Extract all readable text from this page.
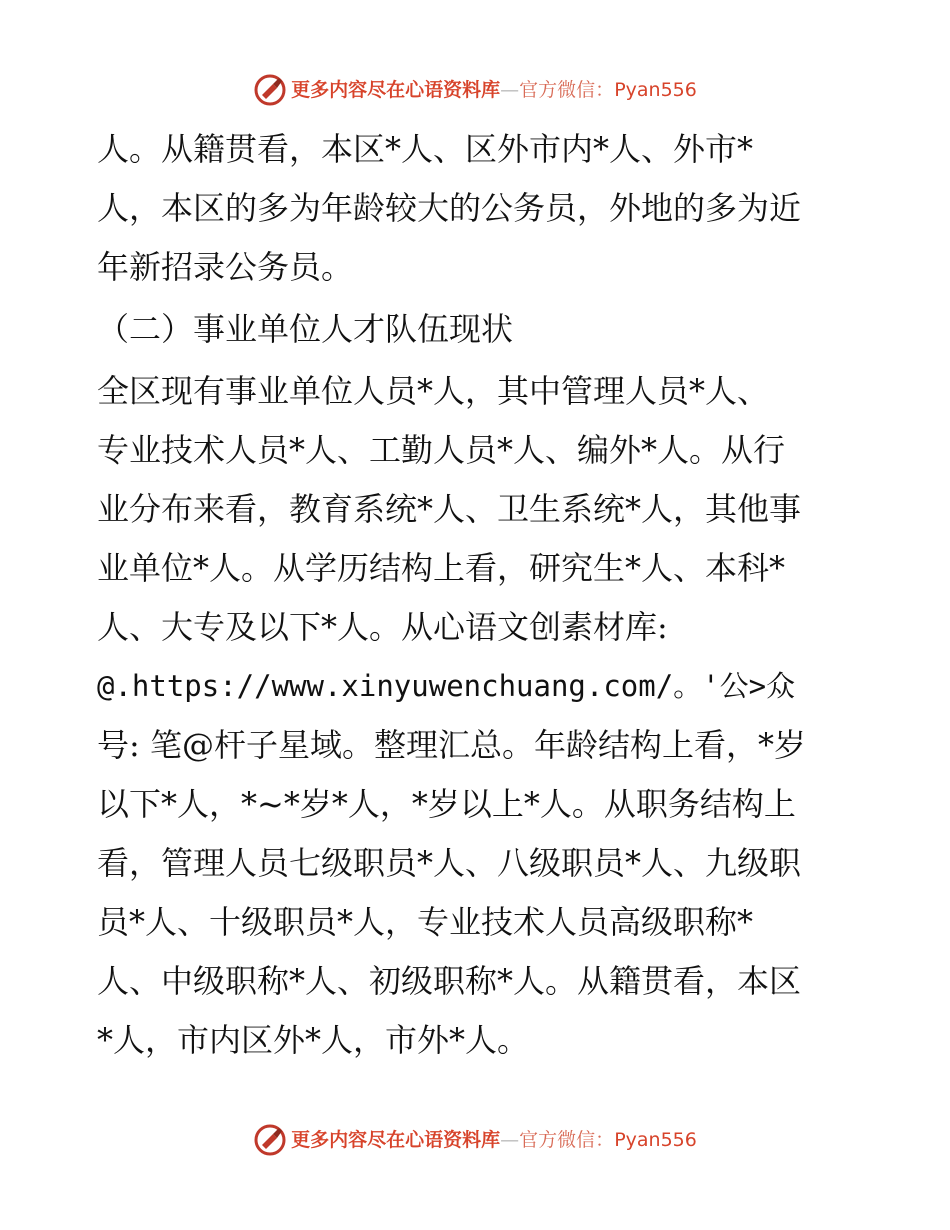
更多内容尽在心语资料库 — 官方微信： Pyan556
人。从籍贯看，本区*人、区外市内*人、外市*
人，本区的多为年龄较大的公务员，外地的多为近
年新招录公务员。
（二）事业单位人才队伍现状
全区现有事业单位人员*人，其中管理人员*人、
专业技术人员*人、工勤人员*人、编外*人。从行
业分布来看，教育系统*人、卫生系统*人，其他事
业单位*人。从学历结构上看，研究生*人、本科*
人、大专及以下*人。从心语文创素材库:
@.https://www.xinyuwenchuang.com/。'公>众
号: 笔@杆子星域。整理汇总。年龄结构上看，*岁
以下*人，*~*岁*人，*岁以上*人。从职务结构上
看，管理人员七级职员*人、八级职员*人、九级职
员*人、十级职员*人，专业技术人员高级职称*
人、中级职称*人、初级职称*人。从籍贯看，本区
*人，市内区外*人，市外*人。
更多内容尽在心语资料库 — 官方微信： Pyan556
